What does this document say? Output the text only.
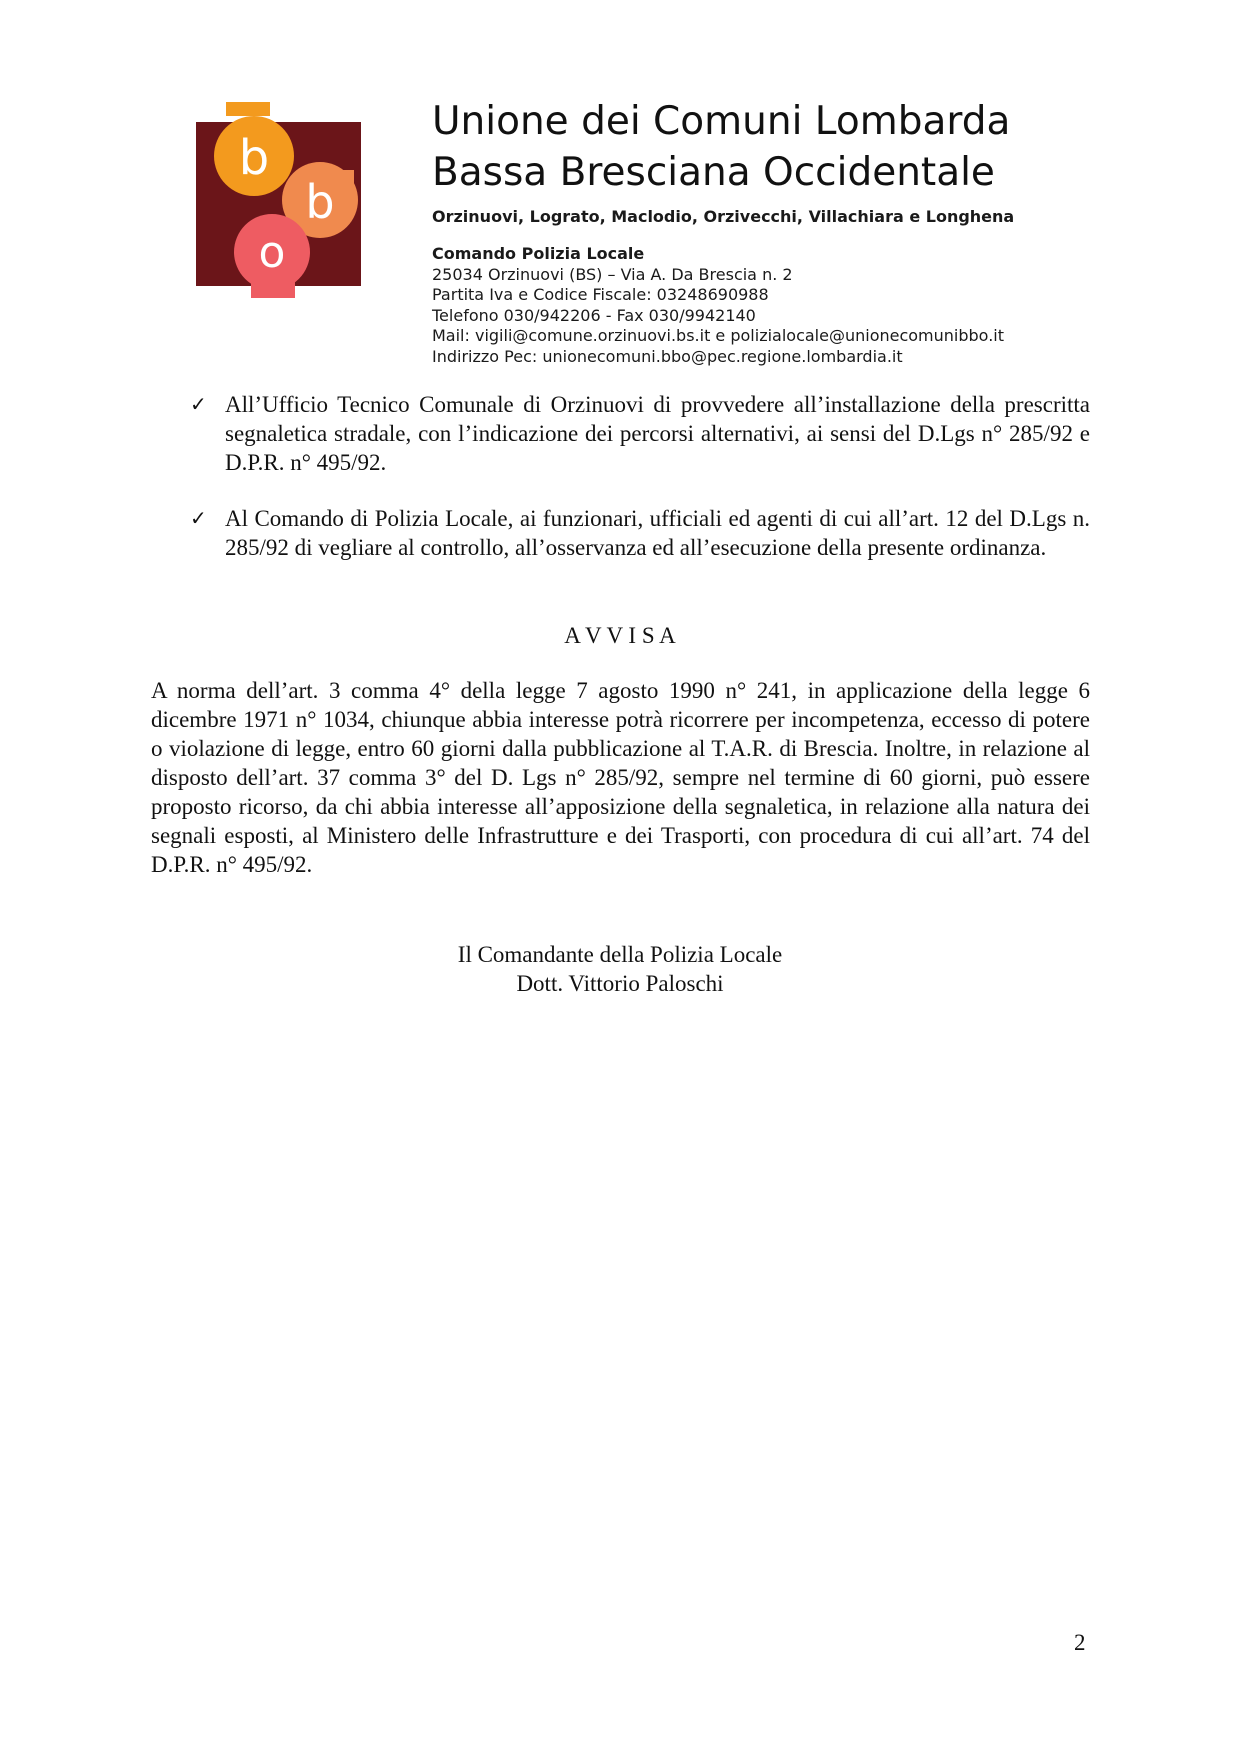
b
b
o
Unione dei Comuni Lombarda
Bassa Bresciana Occidentale
Orzinuovi, Lograto, Maclodio, Orzivecchi, Villachiara e Longhena
Comando Polizia Locale
25034 Orzinuovi (BS) – Via A. Da Brescia n. 2
Partita Iva e Codice Fiscale: 03248690988
Telefono 030/942206 - Fax 030/9942140
Mail: vigili@comune.orzinuovi.bs.it e polizialocale@unionecomunibbo.it
Indirizzo Pec: unionecomuni.bbo@pec.regione.lombardia.it
✓ All’Ufficio Tecnico Comunale di Orzinuovi di provvedere all’installazione della prescritta segnaletica stradale, con l’indicazione dei percorsi alternativi, ai sensi del D.Lgs n° 285/92 e D.P.R. n° 495/92.
✓ Al Comando di Polizia Locale, ai funzionari, ufficiali ed agenti di cui all’art. 12 del D.Lgs n. 285/92 di vegliare al controllo, all’osservanza ed all’esecuzione della presente ordinanza.
A V V I S A
A norma dell’art. 3 comma 4° della legge 7 agosto 1990 n° 241, in applicazione della legge 6 dicembre 1971 n° 1034, chiunque abbia interesse potrà ricorrere per incompetenza, eccesso di potere o violazione di legge, entro 60 giorni dalla pubblicazione al T.A.R. di Brescia. Inoltre, in relazione al disposto dell’art. 37 comma 3° del D. Lgs n° 285/92, sempre nel termine di 60 giorni, può essere proposto ricorso, da chi abbia interesse all’apposizione della segnaletica, in relazione alla natura dei segnali esposti, al Ministero delle Infrastrutture e dei Trasporti, con procedura di cui all’art. 74 del D.P.R. n° 495/92.
Il Comandante della Polizia Locale
Dott. Vittorio Paloschi
2
